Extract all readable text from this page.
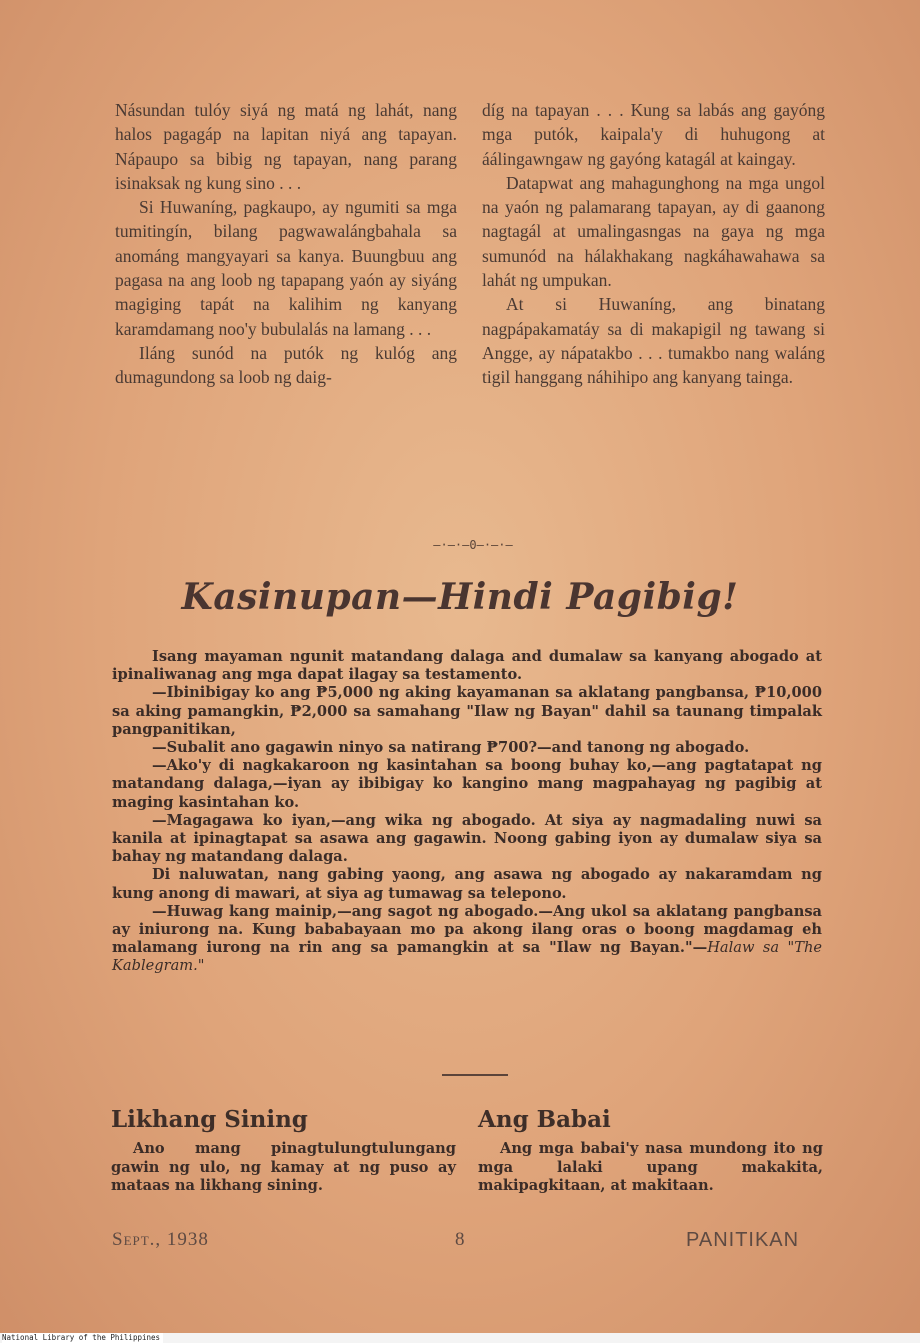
Násundan tulóy siyá ng matá ng lahát, nang halos pagagáp na lapitan niyá ang tapayan. Nápaupo sa bibig ng tapayan, nang parang isinaksak ng kung sino . . .

Si Huwaníng, pagkaupo, ay ngumiti sa mga tumitingín, bilang pagwawalángbahala sa anománg mangyayari sa kanya. Buungbuu ang pagasa na ang loob ng tapapang yaón ay siyáng magiging tapát na kalihim ng kanyang karamdamang noo'y bubulalás na lamang . . .

Iláng sunód na putók ng kulóg ang dumagundong sa loob ng daig-

díg na tapayan . . . Kung sa labás ang gayóng mga putók, kaipala'y di huhugong at áálingawngaw ng gayóng katagál at kaingay.

Datapwat ang mahagunghong na mga ungol na yaón ng palamarang tapayan, ay di gaanong nagtagál at umalingasngas na gaya ng mga sumunód na hálakhakang nagkáhawahawa sa lahát ng umpukan.

At si Huwaníng, ang binatang nagpápakamatáy sa di makapigil ng tawang si Angge, ay nápatakbo . . . tumakbo nang waláng tigil hanggang náhihipo ang kanyang tainga.

—·—·—0—·—·—
Kasinupan—Hindi Pagibig!

Isang mayaman ngunit matandang dalaga and dumalaw sa kanyang abogado at ipinaliwanag ang mga dapat ilagay sa testamento.

—Ibinibigay ko ang ₱5,000 ng aking kayamanan sa aklatang pangbansa, ₱10,000 sa aking pamangkin, ₱2,000 sa samahang "Ilaw ng Bayan" dahil sa taunang timpalak pangpanitikan,

—Subalit ano gagawin ninyo sa natirang ₱700?—and tanong ng abogado.

—Ako'y di nagkakaroon ng kasintahan sa boong buhay ko,—ang pagtatapat ng matandang dalaga,—iyan ay ibibigay ko kangino mang magpahayag ng pagibig at maging kasintahan ko.

—Magagawa ko iyan,—ang wika ng abogado. At siya ay nagmadaling nuwi sa kanila at ipinagtapat sa asawa ang gagawin. Noong gabing iyon ay dumalaw siya sa bahay ng matandang dalaga.

Di naluwatan, nang gabing yaong, ang asawa ng abogado ay nakaramdam ng kung anong di mawari, at siya ag tumawag sa telepono.

—Huwag kang mainip,—ang sagot ng abogado.—Ang ukol sa aklatang pangbansa ay iniurong na. Kung bababayaan mo pa akong ilang oras o boong magdamag eh malamang iurong na rin ang sa pamangkin at sa "Ilaw ng Bayan."—Halaw sa "The Kablegram."

Likhang Sining

Ano mang pinagtulungtulungang gawin ng ulo, ng kamay at ng puso ay mataas na likhang sining.

Ang Babai

Ang mga babai'y nasa mundong ito ng mga lalaki upang makakita, makipagkitaan, at makitaan.

Sept., 1938	8	PANITIKAN
National Library of the Philippines
